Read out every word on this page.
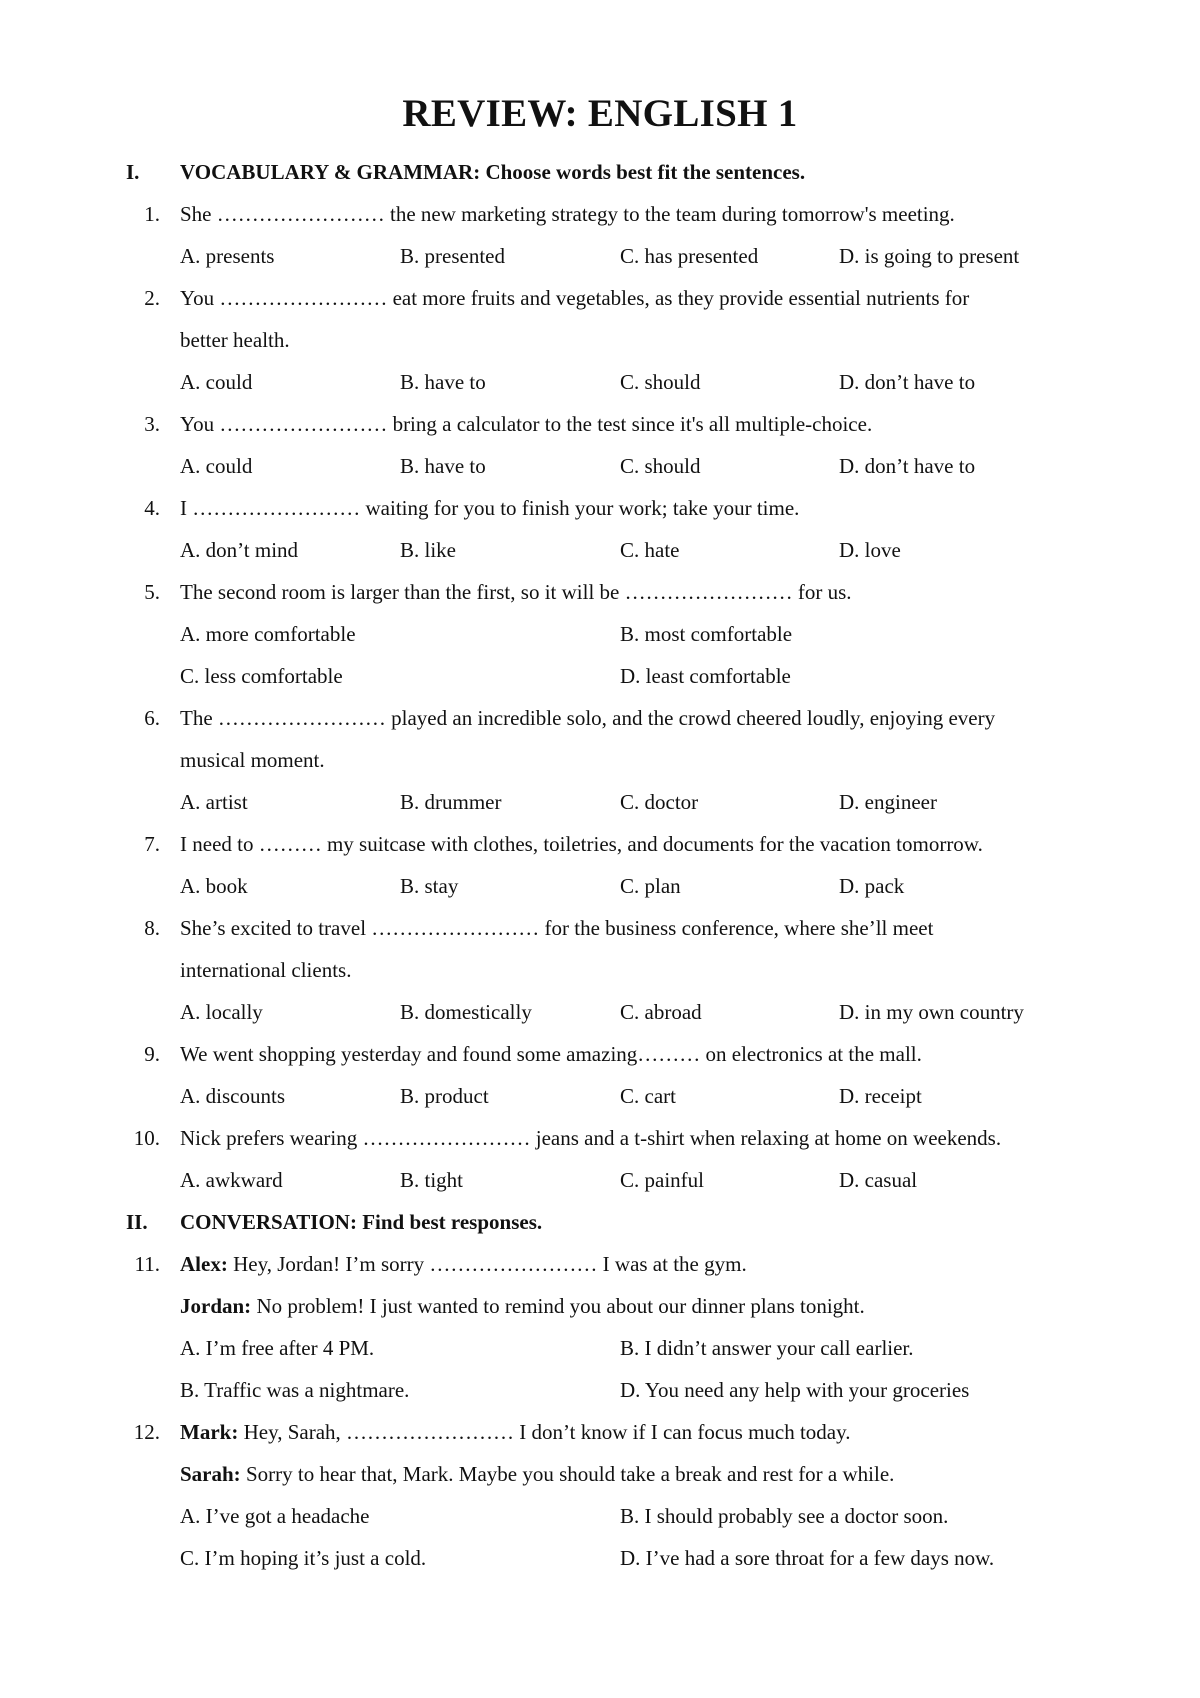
REVIEW: ENGLISH 1
I. VOCABULARY & GRAMMAR: Choose words best fit the sentences.
1. She …………………… the new marketing strategy to the team during tomorrow's meeting.
A. presents	B. presented	C. has presented	D. is going to present
2. You …………………… eat more fruits and vegetables, as they provide essential nutrients for
better health.
A. could	B. have to	C. should	D. don’t have to
3. You …………………… bring a calculator to the test since it's all multiple-choice.
A. could	B. have to	C. should	D. don’t have to
4. I …………………… waiting for you to finish your work; take your time.
A. don’t mind	B. like	C. hate	D. love
5. The second room is larger than the first, so it will be …………………… for us.
A. more comfortable	B. most comfortable
C. less comfortable	D. least comfortable
6. The …………………… played an incredible solo, and the crowd cheered loudly, enjoying every
musical moment.
A. artist	B. drummer	C. doctor	D. engineer
7. I need to ……… my suitcase with clothes, toiletries, and documents for the vacation tomorrow.
A. book	B. stay	C. plan	D. pack
8. She’s excited to travel …………………… for the business conference, where she’ll meet
international clients.
A. locally	B. domestically	C. abroad	D. in my own country
9. We went shopping yesterday and found some amazing……… on electronics at the mall.
A. discounts	B. product	C. cart	D. receipt
10. Nick prefers wearing …………………… jeans and a t-shirt when relaxing at home on weekends.
A. awkward	B. tight	C. painful	D. casual
II. CONVERSATION: Find best responses.
11. Alex: Hey, Jordan! I’m sorry …………………… I was at the gym.
Jordan: No problem! I just wanted to remind you about our dinner plans tonight.
A. I’m free after 4 PM.	B. I didn’t answer your call earlier.
B. Traffic was a nightmare.	D. You need any help with your groceries
12. Mark: Hey, Sarah, …………………… I don’t know if I can focus much today.
Sarah: Sorry to hear that, Mark. Maybe you should take a break and rest for a while.
A. I’ve got a headache	B. I should probably see a doctor soon.
C. I’m hoping it’s just a cold.	D. I’ve had a sore throat for a few days now.
